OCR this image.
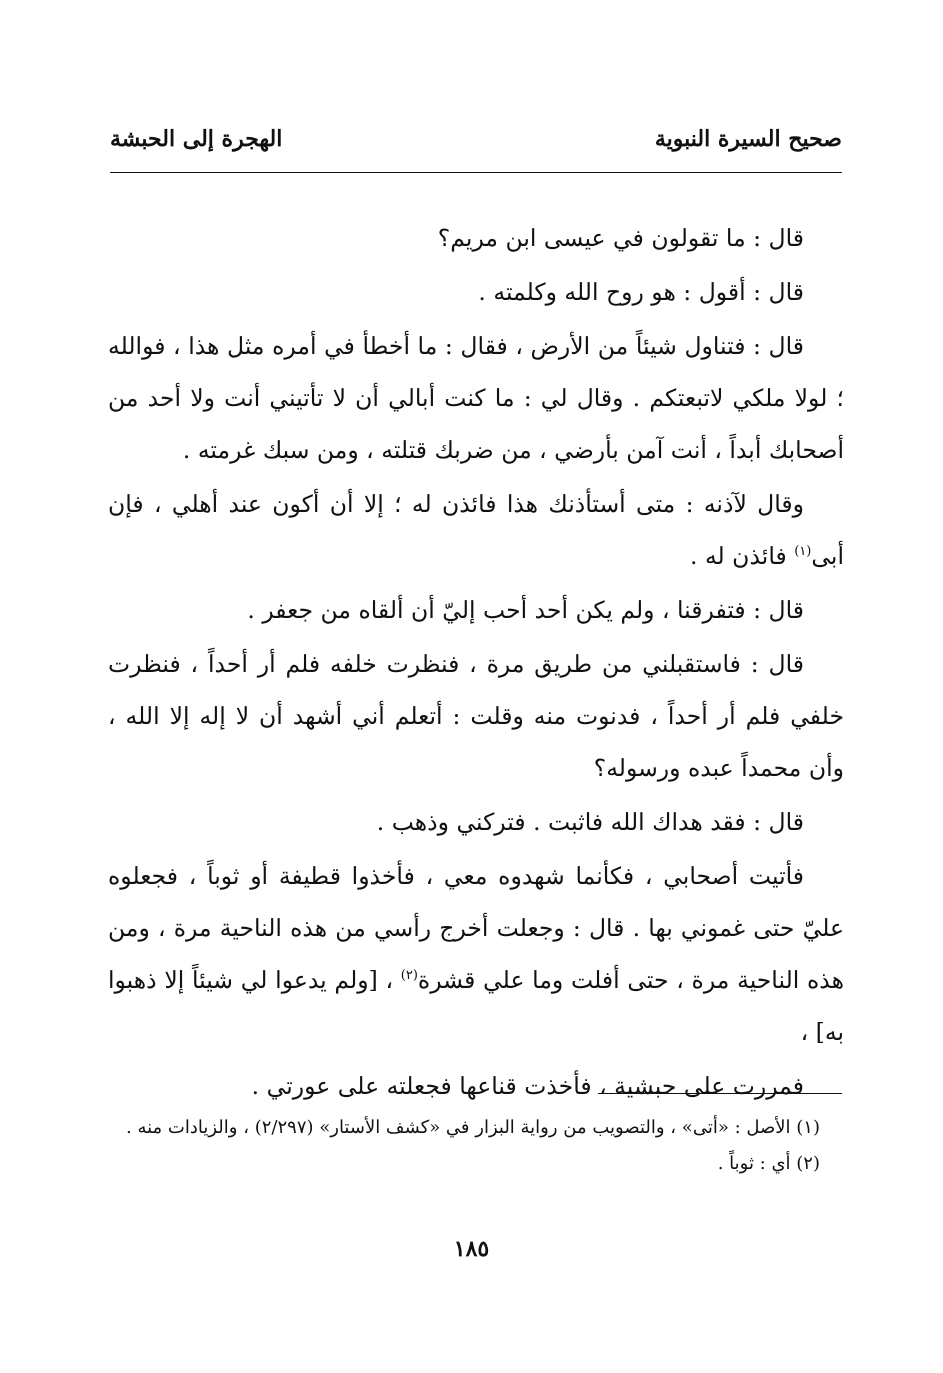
صحيح السيرة النبوية
الهجرة إلى الحبشة

قال : ما تقولون في عيسى ابن مريم؟

قال : أقول : هو روح الله وكلمته .

قال : فتناول شيئاً من الأرض ، فقال : ما أخطأ في أمره مثل هذا ، فوالله ؛ لولا ملكي لاتبعتكم . وقال لي : ما كنت أبالي أن لا تأتيني أنت ولا أحد من أصحابك أبداً ، أنت آمن بأرضي ، من ضربك قتلته ، ومن سبك غرمته .

وقال لآذنه : متى أستأذنك هذا فائذن له ؛ إلا أن أكون عند أهلي ، فإن أبى$^{(١)}$ فائذن له .

قال : فتفرقنا ، ولم يكن أحد أحب إليّ أن ألقاه من جعفر .

قال : فاستقبلني من طريق مرة ، فنظرت خلفه فلم أر أحداً ، فنظرت خلفي فلم أر أحداً ، فدنوت منه وقلت : أتعلم أني أشهد أن لا إله إلا الله ، وأن محمداً عبده ورسوله؟

قال : فقد هداك الله فاثبت . فتركني وذهب .

فأتيت أصحابي ، فكأنما شهدوه معي ، فأخذوا قطيفة أو ثوباً ، فجعلوه عليّ حتى غموني بها . قال : وجعلت أخرج رأسي من هذه الناحية مرة ، ومن هذه الناحية مرة ، حتى أفلت وما علي قشرة$^{(٢)}$ ، [ولم يدعوا لي شيئاً إلا ذهبوا به] ،

فمررت على حبشية ، فأخذت قناعها فجعلته على عورتي .

(١) الأصل : «أتى» ، والتصويب من رواية البزار في «كشف الأستار» (٢/٢٩٧) ، والزيادات منه .

(٢) أي : ثوباً .

١٨٥
